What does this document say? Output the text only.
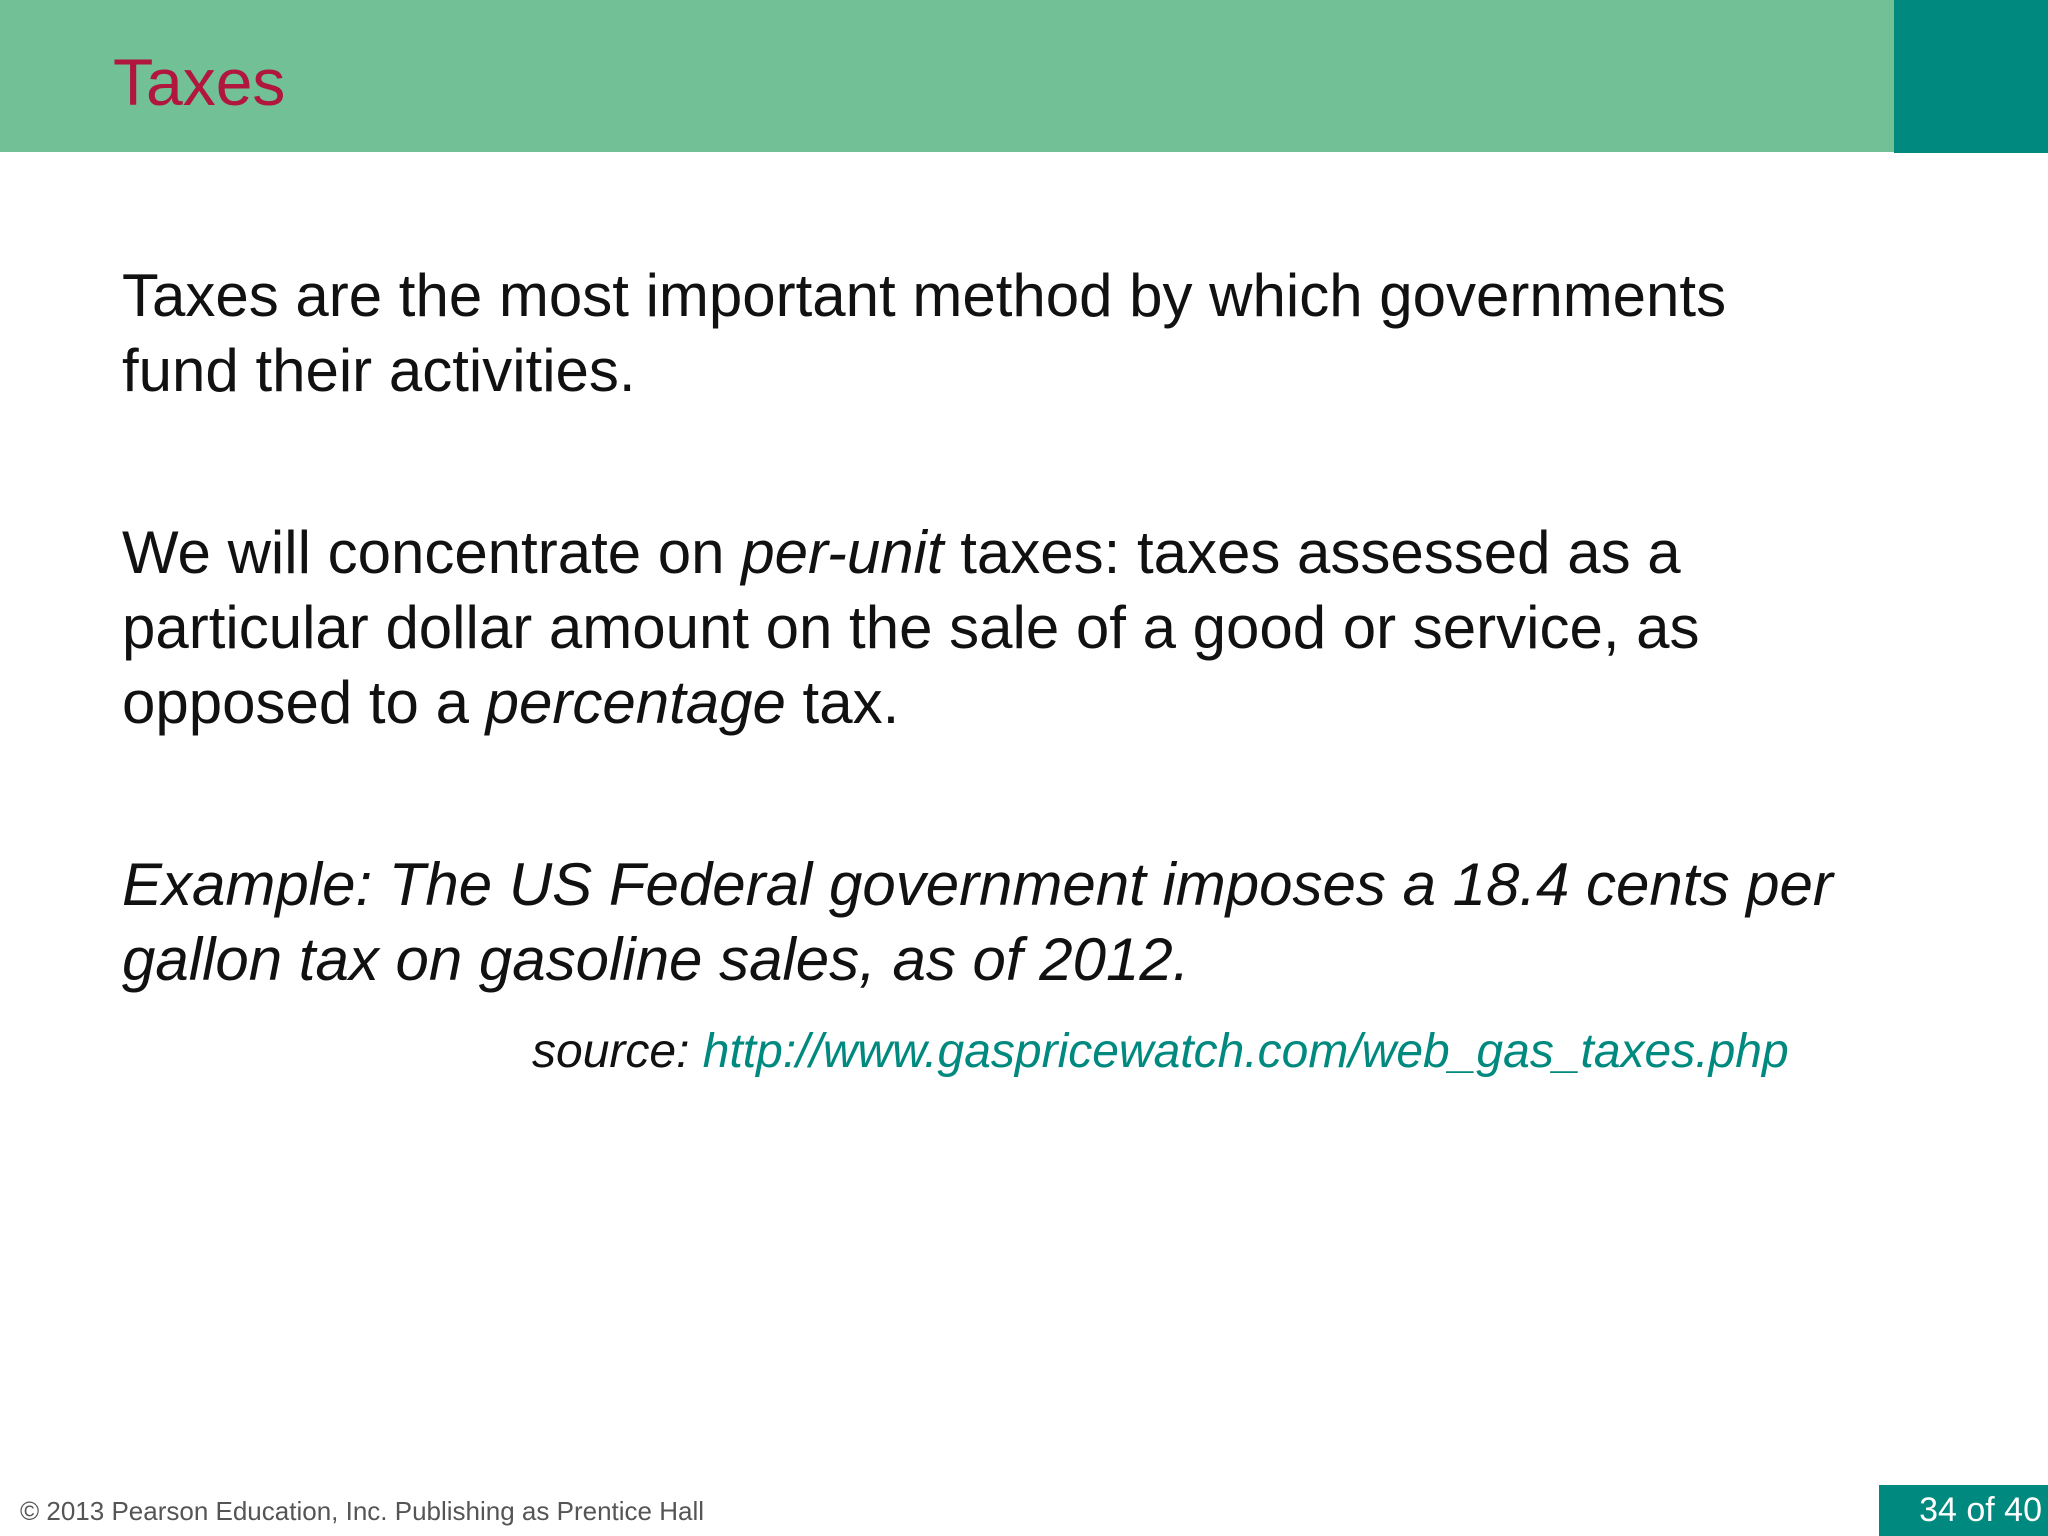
Taxes

Taxes are the most important method by which governments
fund their activities.

We will concentrate on per-unit taxes: taxes assessed as a
particular dollar amount on the sale of a good or service, as
opposed to a percentage tax.

Example: The US Federal government imposes a 18.4 cents per
gallon tax on gasoline sales, as of 2012.

source: http://www.gaspricewatch.com/web_gas_taxes.php
© 2013 Pearson Education, Inc. Publishing as Prentice Hall	34 of 40
